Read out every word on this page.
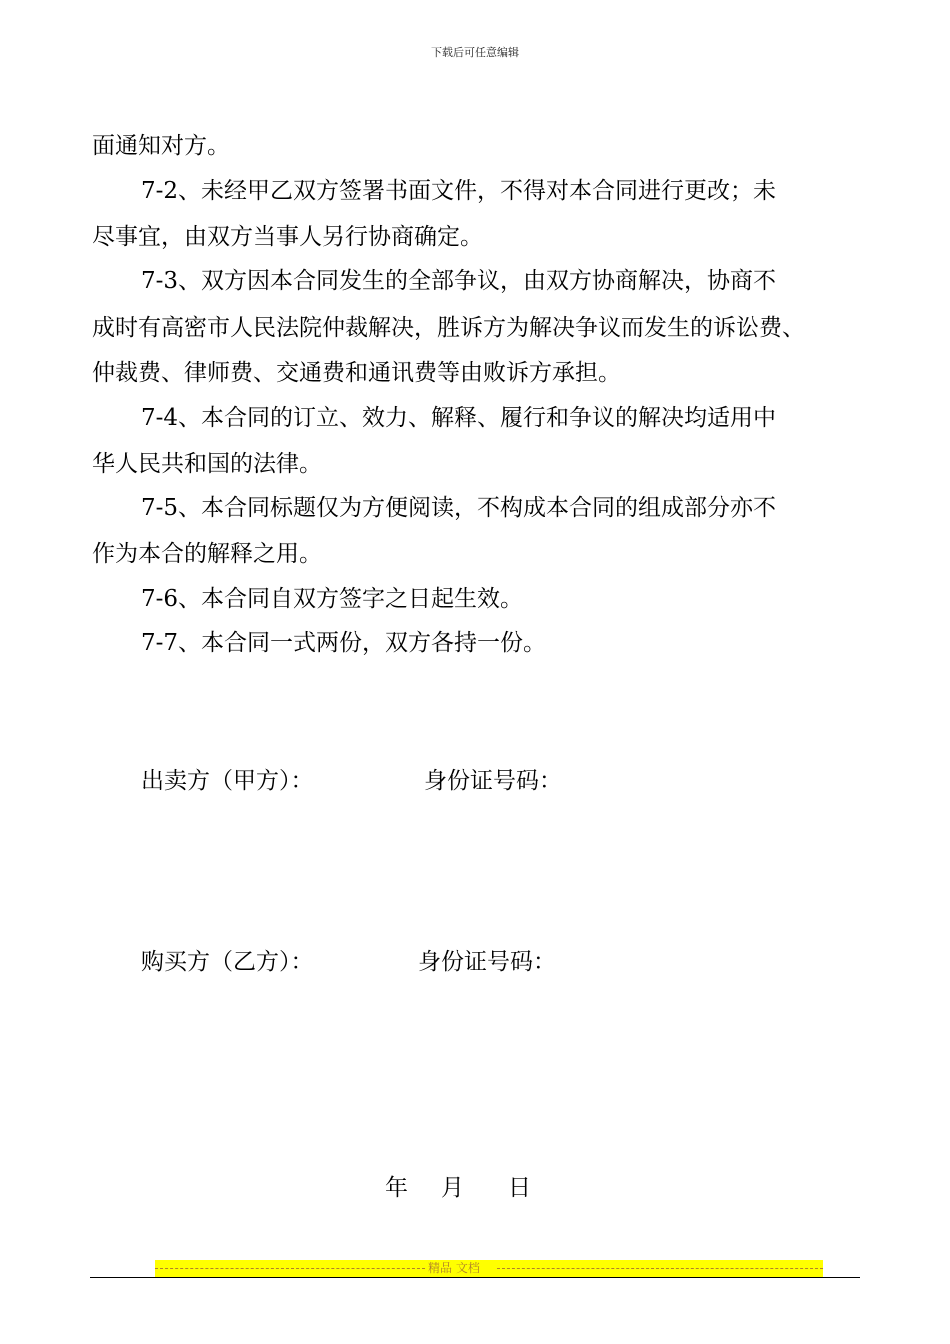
下载后可任意编辑
面通知对方。
7-2、未经甲乙双方签署书面文件，不得对本合同进行更改；未
尽事宜，由双方当事人另行协商确定。
7-3、双方因本合同发生的全部争议，由双方协商解决，协商不
成时有高密市人民法院仲裁解决，胜诉方为解决争议而发生的诉讼费、
仲裁费、律师费、交通费和通讯费等由败诉方承担。
7-4、本合同的订立、效力、解释、履行和争议的解决均适用中
华人民共和国的法律。
7-5、本合同标题仅为方便阅读，不构成本合同的组成部分亦不
作为本合的解释之用。
7-6、本合同自双方签字之日起生效。
7-7、本合同一式两份，双方各持一份。
出卖方（甲方）：	身份证号码：
购买方（乙方）：	身份证号码：
年 月 日
精品 文档
